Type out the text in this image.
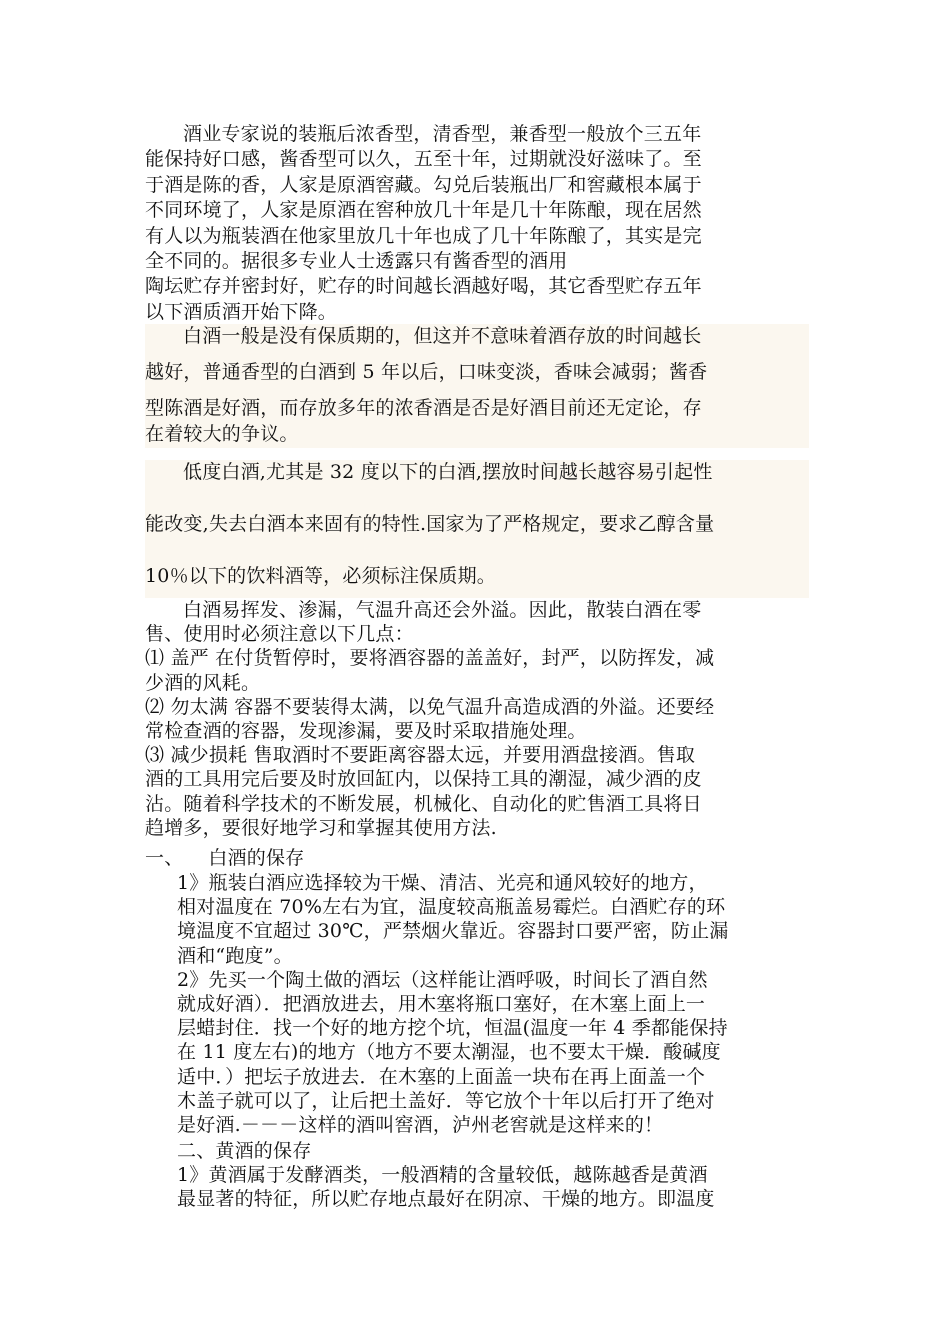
酒业专家说的装瓶后浓香型，清香型，兼香型一般放个三五年
能保持好口感，酱香型可以久，五至十年，过期就没好滋味了。至
于酒是陈的香，人家是原酒窖藏。勾兑后装瓶出厂和窖藏根本属于
不同环境了，人家是原酒在窖种放几十年是几十年陈酿，现在居然
有人以为瓶装酒在他家里放几十年也成了几十年陈酿了，其实是完
全不同的。据很多专业人士透露只有酱香型的酒用
陶坛贮存并密封好，贮存的时间越长酒越好喝，其它香型贮存五年
以下酒质酒开始下降。
白酒一般是没有保质期的，但这并不意味着酒存放的时间越长
越好，普通香型的白酒到 5 年以后，口味变淡，香味会减弱；酱香
型陈酒是好酒，而存放多年的浓香酒是否是好酒目前还无定论，存
在着较大的争议。
低度白酒,尤其是 32 度以下的白酒,摆放时间越长越容易引起性
能改变,失去白酒本来固有的特性.国家为了严格规定，要求乙醇含量
10％以下的饮料酒等，必须标注保质期。
白酒易挥发、渗漏，气温升高还会外溢。因此，散装白酒在零
售、使用时必须注意以下几点：
⑴ 盖严 在付货暂停时，要将酒容器的盖盖好，封严，以防挥发，减
少酒的风耗。
⑵ 勿太满 容器不要装得太满，以免气温升高造成酒的外溢。还要经
常检查酒的容器，发现渗漏，要及时采取措施处理。
⑶ 减少损耗 售取酒时不要距离容器太远，并要用酒盘接酒。售取
酒的工具用完后要及时放回缸内，以保持工具的潮湿，减少酒的皮
沾。随着科学技术的不断发展，机械化、自动化的贮售酒工具将日
趋增多，要很好地学习和掌握其使用方法.
一、    白酒的保存
1》瓶装白酒应选择较为干燥、清洁、光亮和通风较好的地方，
相对温度在 70%左右为宜，温度较高瓶盖易霉烂。白酒贮存的环
境温度不宜超过 30℃，严禁烟火靠近。容器封口要严密，防止漏
酒和“跑度”。
2》先买一个陶土做的酒坛（这样能让酒呼吸，时间长了酒自然
就成好酒）．把酒放进去，用木塞将瓶口塞好，在木塞上面上一
层蜡封住．找一个好的地方挖个坑，恒温(温度一年 4 季都能保持
在 11 度左右)的地方（地方不要太潮湿，也不要太干燥．酸碱度
适中．）把坛子放进去．在木塞的上面盖一块布在再上面盖一个
木盖子就可以了，让后把土盖好．等它放个十年以后打开了绝对
是好酒.－－－这样的酒叫窖酒，泸州老窖就是这样来的！
二、黄酒的保存
1》黄酒属于发酵酒类，一般酒精的含量较低，越陈越香是黄酒
最显著的特征，所以贮存地点最好在阴凉、干燥的地方。即温度
